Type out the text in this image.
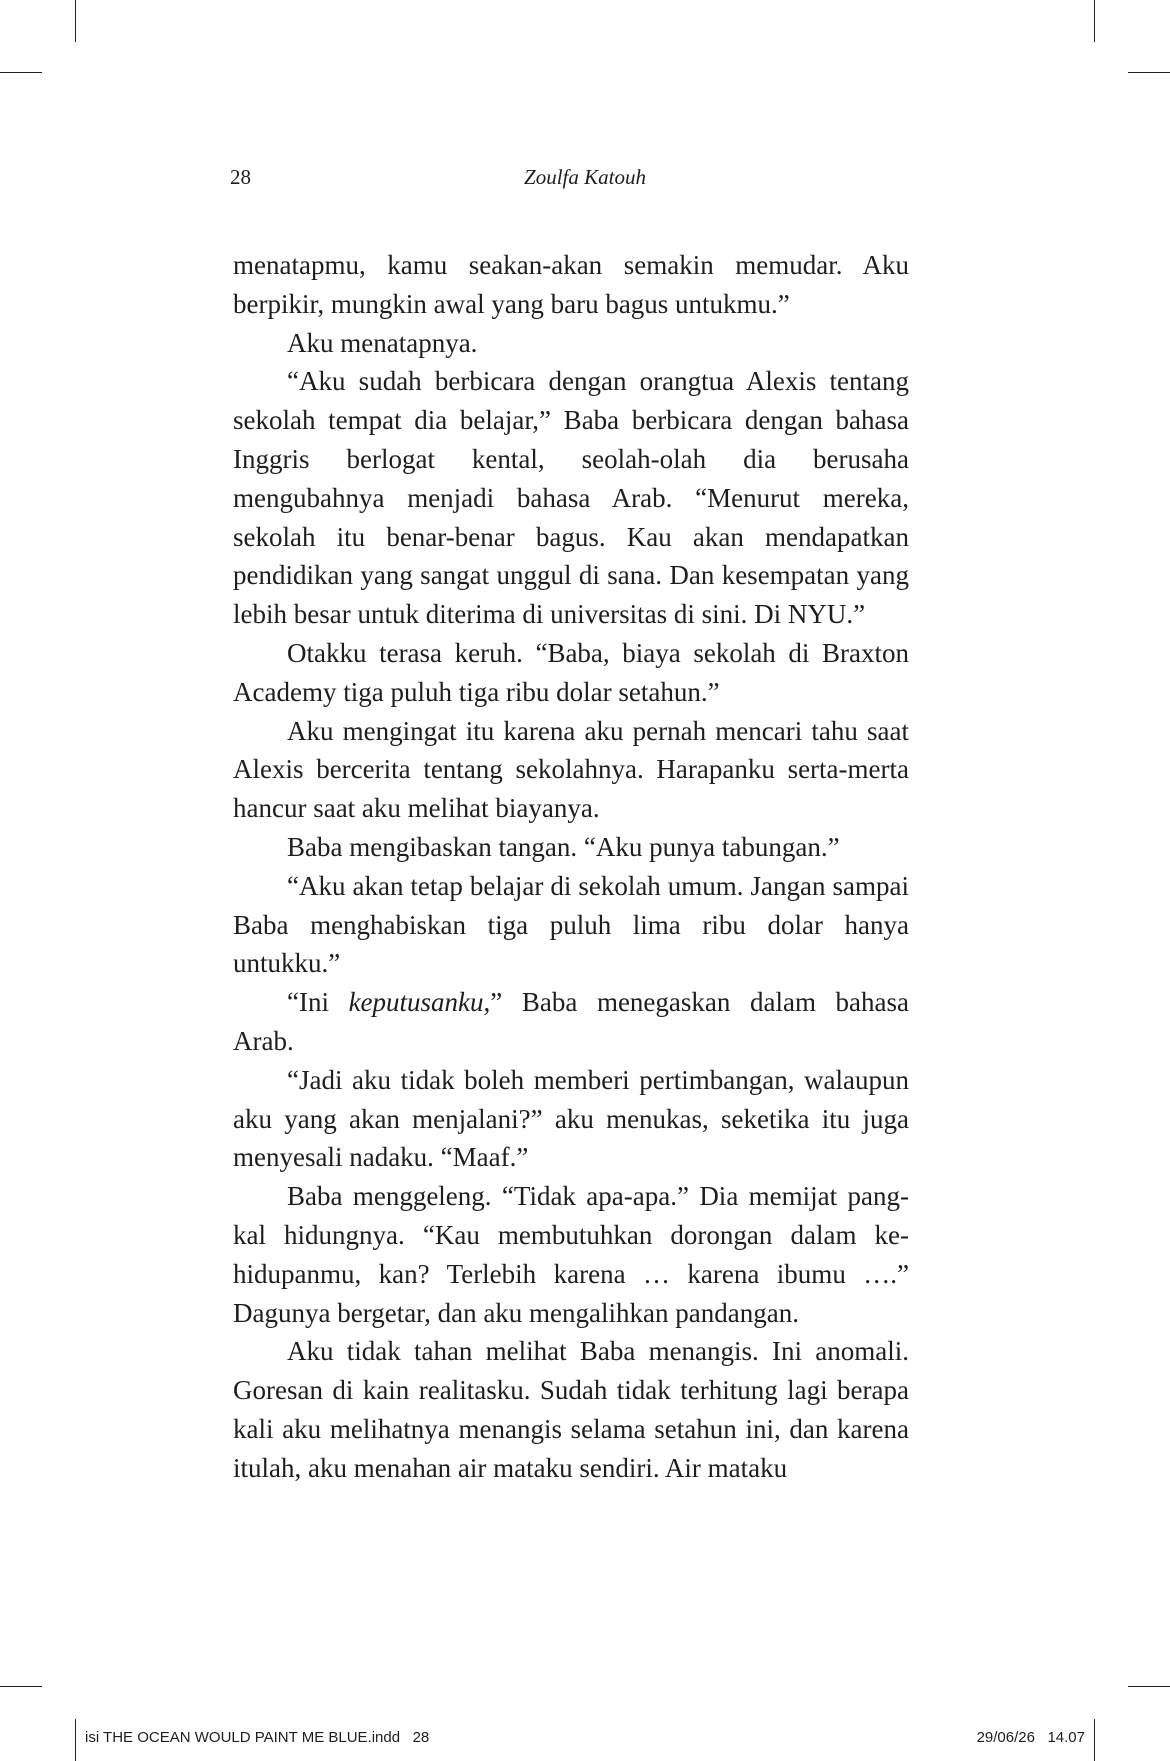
28	Zoulfa Katouh

menatapmu, kamu seakan-akan semakin memudar. Aku berpikir, mungkin awal yang baru bagus untukmu.”

Aku menatapnya.

“Aku sudah berbicara dengan orangtua Alexis tentang sekolah tempat dia belajar,” Baba berbicara dengan bahasa Inggris berlogat kental, seolah-olah dia berusaha mengubahnya menjadi bahasa Arab. “Menurut mereka, sekolah itu benar-benar bagus. Kau akan mendapatkan pendidikan yang sangat unggul di sana. Dan kesempatan yang lebih besar untuk diterima di universitas di sini. Di NYU.”

Otakku terasa keruh. “Baba, biaya sekolah di Braxton Academy tiga puluh tiga ribu dolar setahun.”

Aku mengingat itu karena aku pernah mencari tahu saat Alexis bercerita tentang sekolahnya. Harapanku serta-merta hancur saat aku melihat biayanya.

Baba mengibaskan tangan. “Aku punya tabungan.”

“Aku akan tetap belajar di sekolah umum. Jangan sampai Baba menghabiskan tiga puluh lima ribu dolar hanya untukku.”

“Ini keputusanku,” Baba menegaskan dalam bahasa Arab.

“Jadi aku tidak boleh memberi pertimbangan, walaupun aku yang akan menjalani?” aku menukas, seketika itu juga menyesali nadaku. “Maaf.”

Baba menggeleng. “Tidak apa-apa.” Dia memijat pangkal hidungnya. “Kau membutuhkan dorongan dalam kehidupanmu, kan? Terlebih karena … karena ibumu ….” Dagunya bergetar, dan aku mengalihkan pandangan.

Aku tidak tahan melihat Baba menangis. Ini anomali. Goresan di kain realitasku. Sudah tidak terhitung lagi berapa kali aku melihatnya menangis selama setahun ini, dan karena itulah, aku menahan air mataku sendiri. Air mataku

isi THE OCEAN WOULD PAINT ME BLUE.indd   28	29/06/26   14.07
